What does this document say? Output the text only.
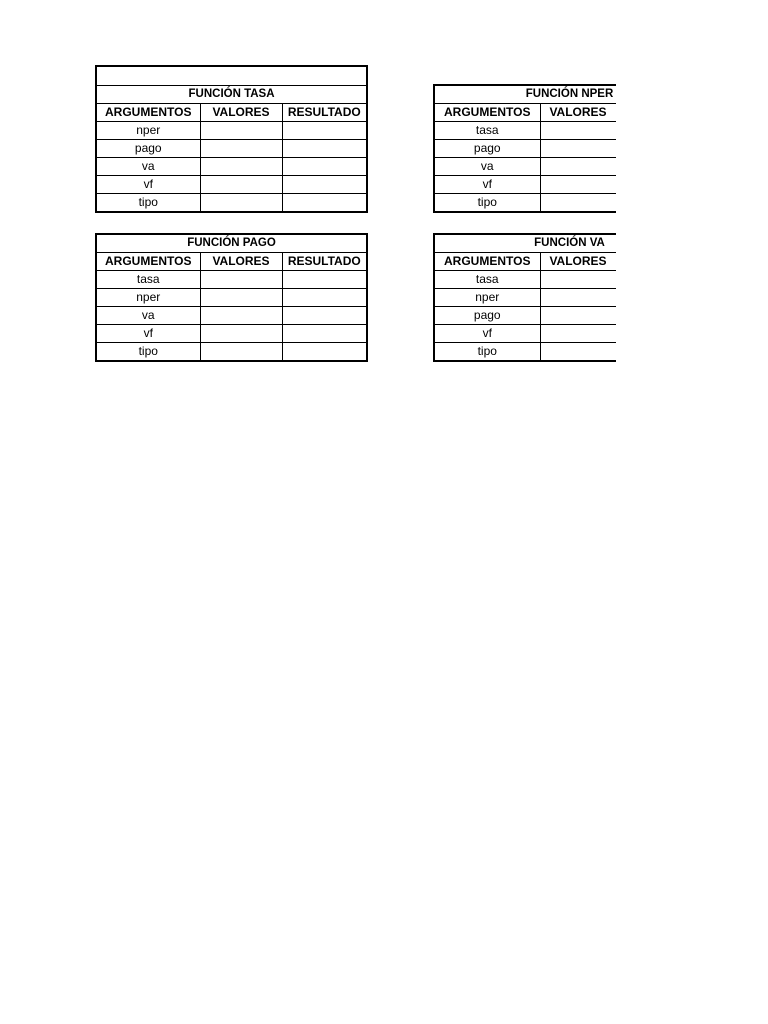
FUNCIÓN TASA		
ARGUMENTOS	VALORES	RESULTADO
nper		
pago		
va		
vf		
tipo		
FUNCIÓN NPER		
ARGUMENTOS	VALORES	
tasa		
pago		
va		
vf		
tipo		
FUNCIÓN PAGO		
ARGUMENTOS	VALORES	RESULTADO
tasa		
nper		
va		
vf		
tipo		
FUNCIÓN VA		
ARGUMENTOS	VALORES	
tasa		
nper		
pago		
vf		
tipo		
